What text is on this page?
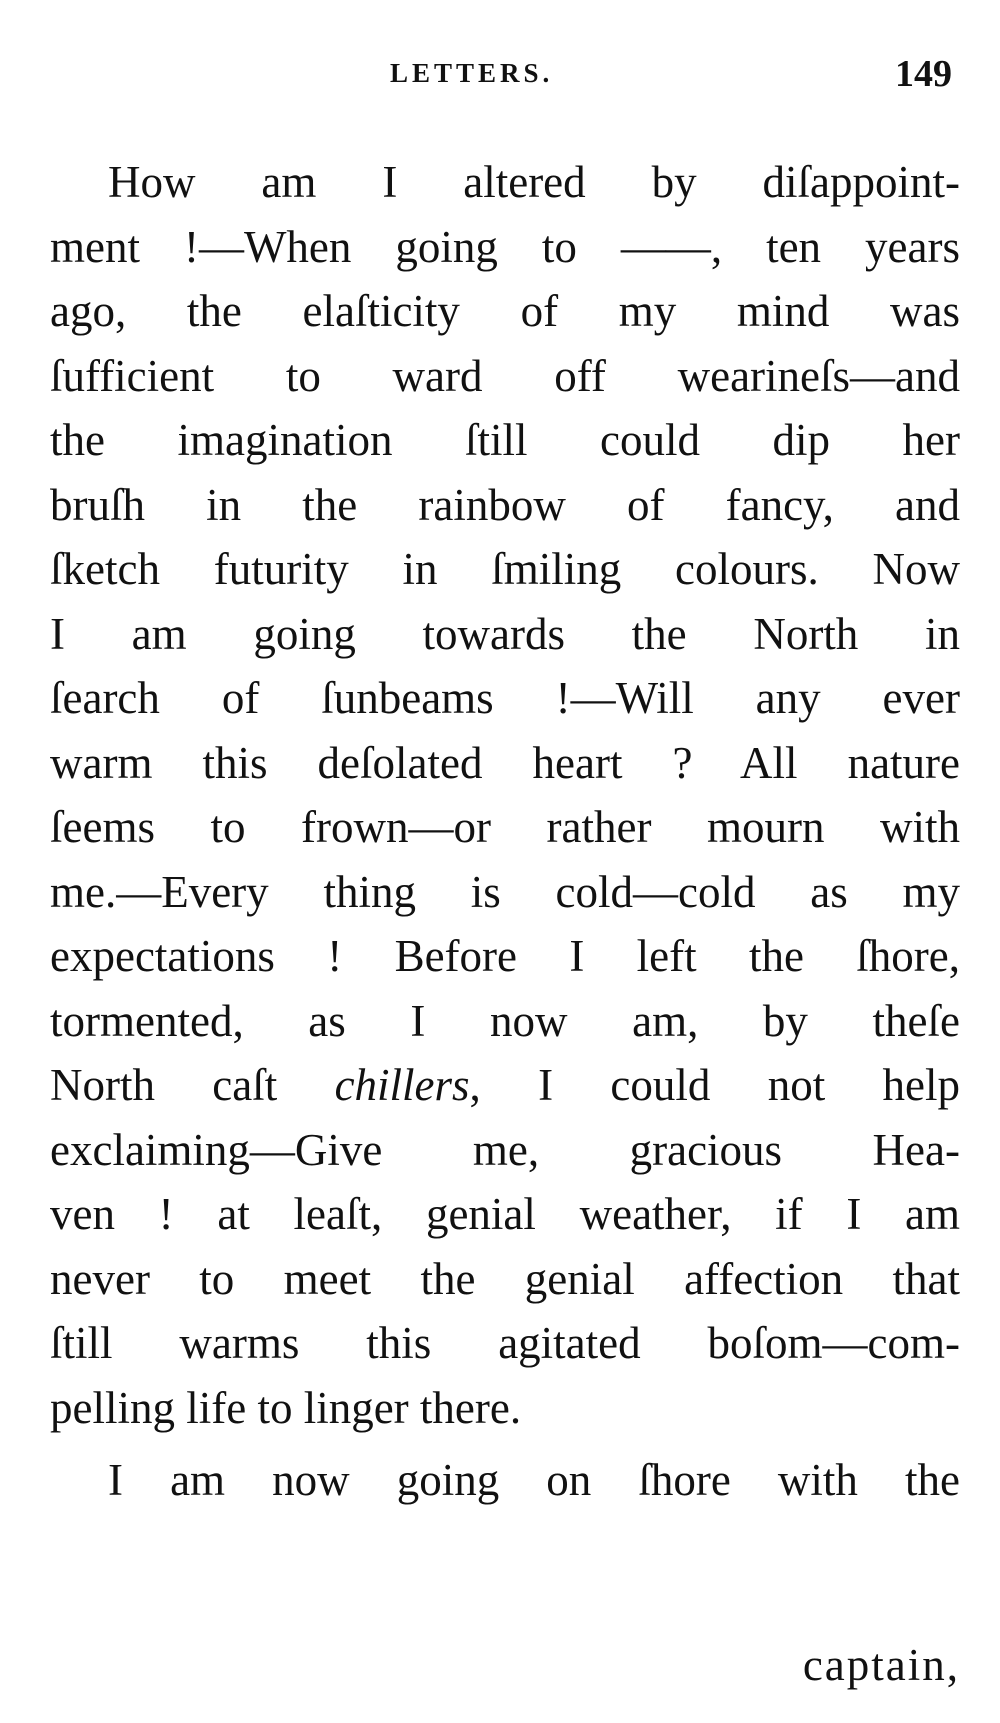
LETTERS.	149
How am I altered by diſappoint-
ment !—When going to ——, ten years
ago, the elaſticity of my mind was
ſufficient to ward off wearineſs—and
the imagination ſtill could dip her
bruſh in the rainbow of fancy, and
ſketch futurity in ſmiling colours. Now
I am going towards the North in
ſearch of ſunbeams !—Will any ever
warm this deſolated heart ? All nature
ſeems to frown—or rather mourn with
me.—Every thing is cold—cold as my
expectations ! Before I left the ſhore,
tormented, as I now am, by theſe
North caſt chillers, I could not help
exclaiming—Give me, gracious Hea-
ven ! at leaſt, genial weather, if I am
never to meet the genial affection that
ſtill warms this agitated boſom—com-
pelling life to linger there.
I am now going on ſhore with the
captain,
